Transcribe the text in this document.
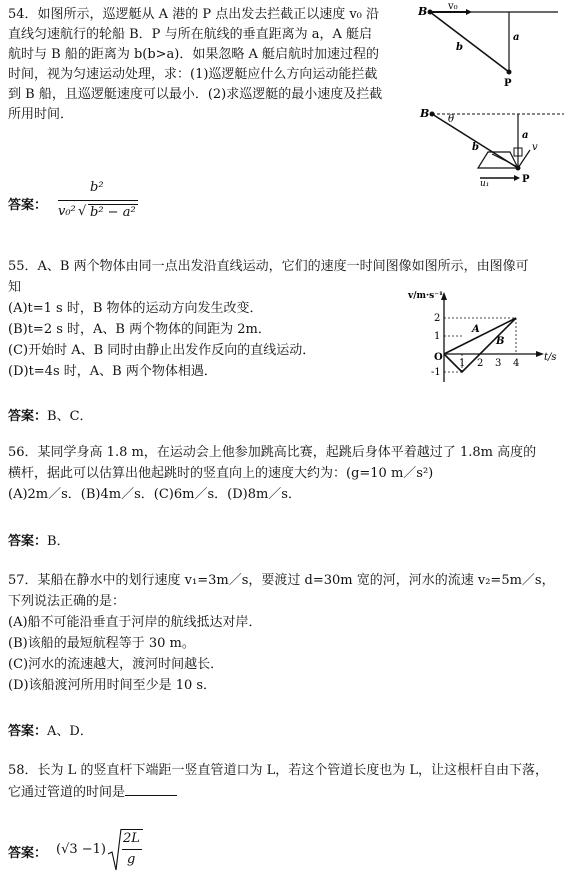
54．如图所示，巡逻艇从 A 港的 P 点出发去拦截正以速度 v₀ 沿
直线匀速航行的轮船 B．P 与所在航线的垂直距离为 a，A 艇启
航时与 B 船的距离为 b(b>a)．如果忽略 A 艇启航时加速过程的
时间，视为匀速运动处理，求：(1)巡逻艇应什么方向运动能拦截
到 B 船，且巡逻艇速度可以最小．(2)求巡逻艇的最小速度及拦截
所用时间．
B v₀
a
b
P
B θ
a
b	v
u₁	P
答案：
b²
v₀² √ b² − a²
55．A、B 两个物体由同一点出发沿直线运动，它们的速度一时间图像如图所示，由图像可
知
(A)t=1 s 时，B 物体的运动方向发生改变．
(B)t=2 s 时，A、B 两个物体的间距为 2m．
(C)开始时 A、B 同时由静止出发作反向的直线运动．
(D)t=4s 时，A、B 两个物体相遇．
v/m·s⁻¹
t/s
O
2
1
-1
1 2 3 4
A
B
答案：B、C．
56．某同学身高 1.8 m，在运动会上他参加跳高比赛，起跳后身体平着越过了 1.8m 高度的
横杆，据此可以估算出他起跳时的竖直向上的速度大约为：(g=10 m／s²)
(A)2m／s．(B)4m／s．(C)6m／s．(D)8m／s．
答案：B．
57．某船在静水中的划行速度 v₁=3m／s，要渡过 d=30m 宽的河，河水的流速 v₂=5m／s，
下列说法正确的是：
(A)船不可能沿垂直于河岸的航线抵达对岸．
(B)该船的最短航程等于 30 m。
(C)河水的流速越大，渡河时间越长．
(D)该船渡河所用时间至少是 10 s．
答案：A、D．
58．长为 L 的竖直杆下端距一竖直管道口为 L，若这个管道长度也为 L，让这根杆自由下落，
它通过管道的时间是
答案： (√3 −1)
2L
g
